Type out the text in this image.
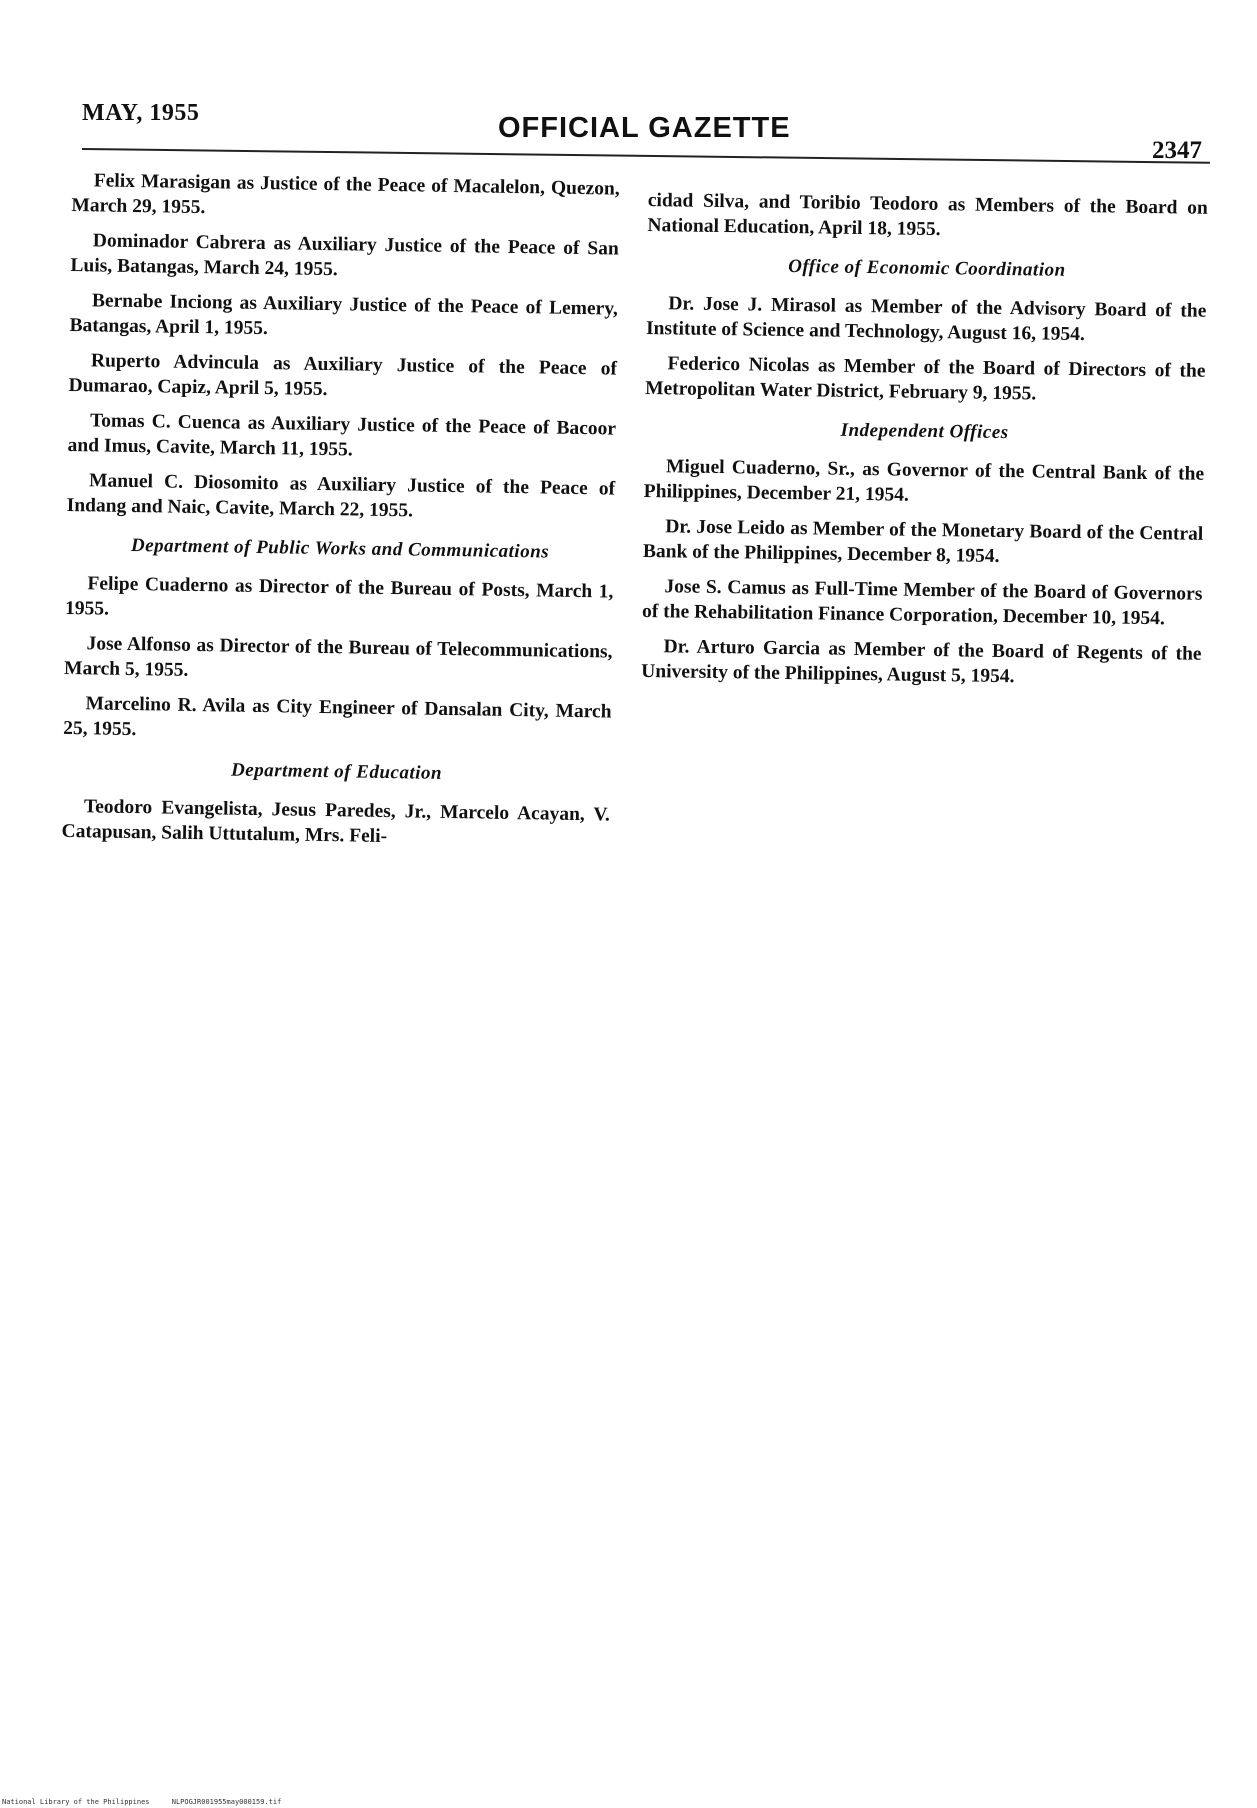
MAY, 1955	OFFICIAL GAZETTE
2347

Felix Marasigan as Justice of the Peace of Macalelon, Quezon, March 29, 1955.

Dominador Cabrera as Auxiliary Justice of the Peace of San Luis, Batangas, March 24, 1955.

Bernabe Inciong as Auxiliary Justice of the Peace of Lemery, Batangas, April 1, 1955.

Ruperto Advincula as Auxiliary Justice of the Peace of Dumarao, Capiz, April 5, 1955.

Tomas C. Cuenca as Auxiliary Justice of the Peace of Bacoor and Imus, Cavite, March 11, 1955.

Manuel C. Diosomito as Auxiliary Justice of the Peace of Indang and Naic, Cavite, March 22, 1955.

Department of Public Works and Communications

Felipe Cuaderno as Director of the Bureau of Posts, March 1, 1955.

Jose Alfonso as Director of the Bureau of Telecommunications, March 5, 1955.

Marcelino R. Avila as City Engineer of Dansalan City, March 25, 1955.

Department of Education

Teodoro Evangelista, Jesus Paredes, Jr., Marcelo Acayan, V. Catapusan, Salih Uttutalum, Mrs. Feli-

cidad Silva, and Toribio Teodoro as Members of the Board on National Education, April 18, 1955.

Office of Economic Coordination

Dr. Jose J. Mirasol as Member of the Advisory Board of the Institute of Science and Technology, August 16, 1954.

Federico Nicolas as Member of the Board of Directors of the Metropolitan Water District, February 9, 1955.

Independent Offices

Miguel Cuaderno, Sr., as Governor of the Central Bank of the Philippines, December 21, 1954.

Dr. Jose Leido as Member of the Monetary Board of the Central Bank of the Philippines, December 8, 1954.

Jose S. Camus as Full-Time Member of the Board of Governors of the Rehabilitation Finance Corporation, December 10, 1954.

Dr. Arturo Garcia as Member of the Board of Regents of the University of the Philippines, August 5, 1954.

National Library of the Philippines	NLPOGJR001955may000159.tif
